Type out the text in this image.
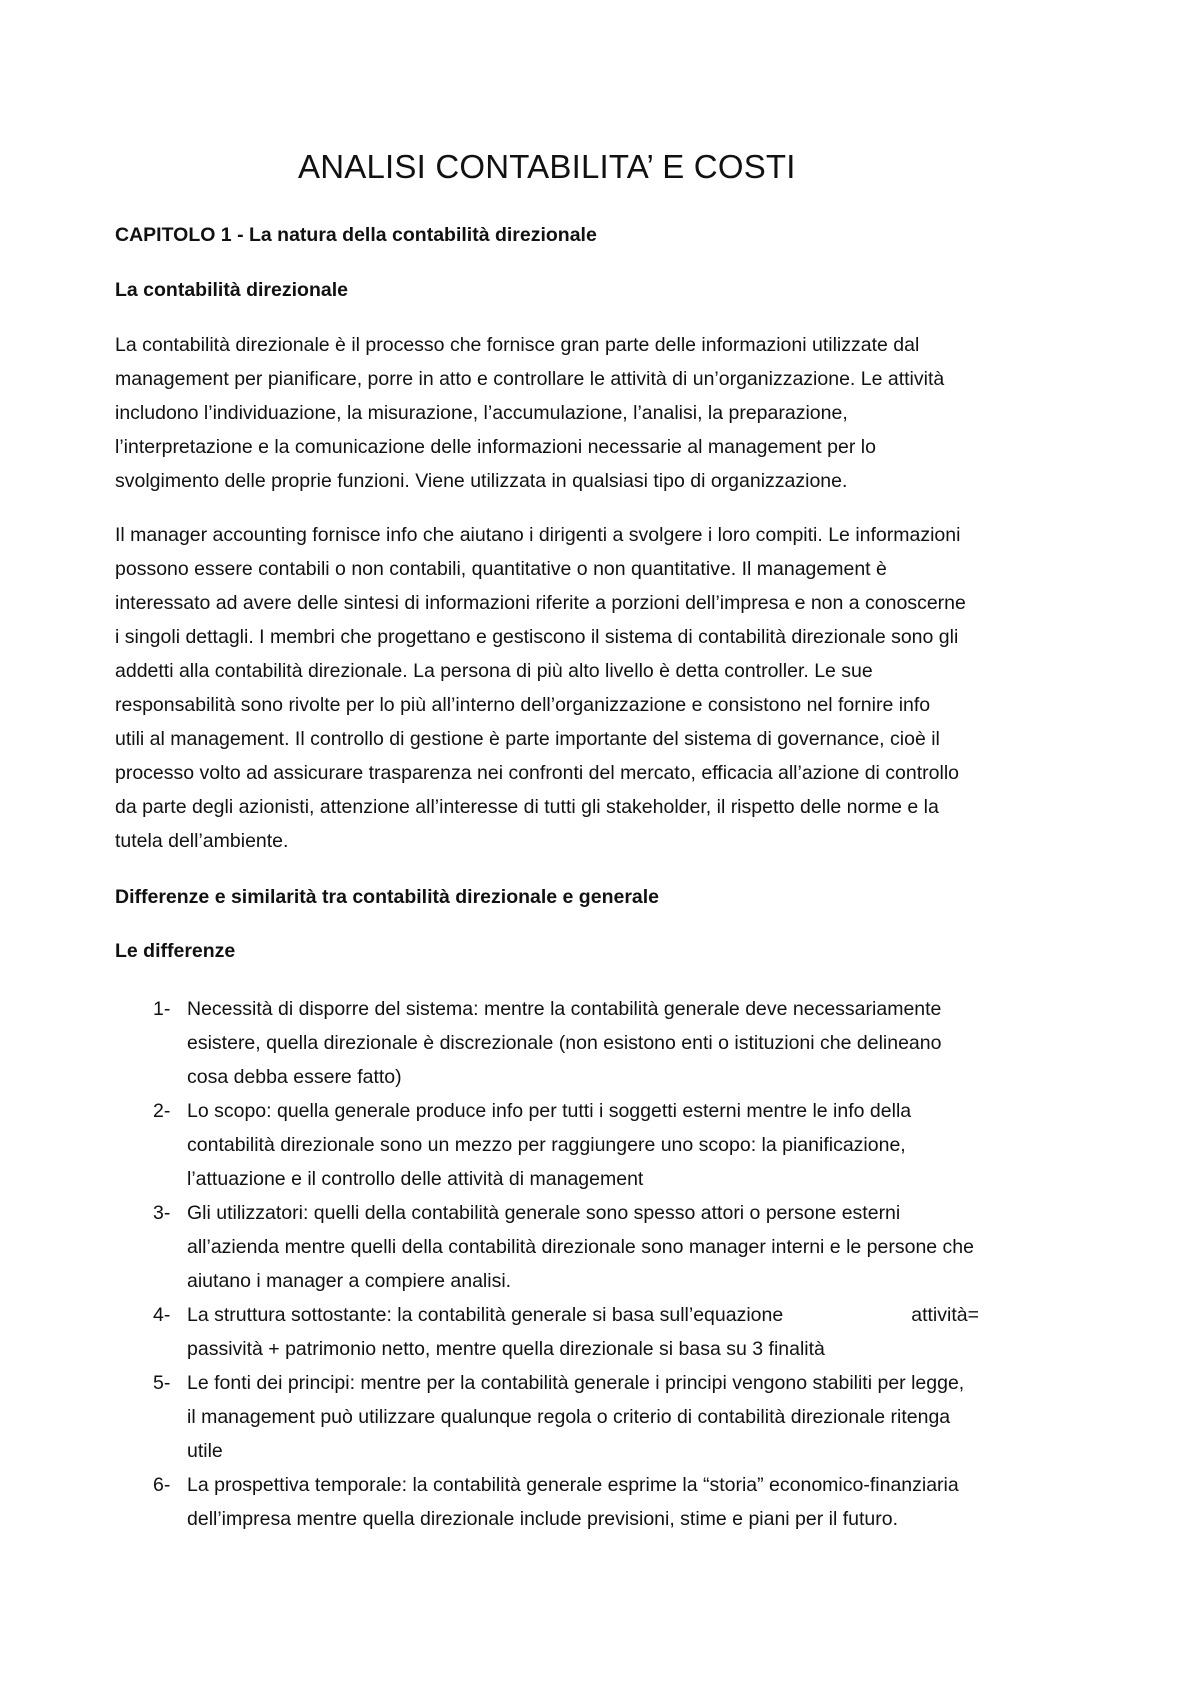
ANALISI CONTABILITA’ E COSTI
CAPITOLO 1 - La natura della contabilità direzionale
La contabilità direzionale

La contabilità direzionale è il processo che fornisce gran parte delle informazioni utilizzate dal
management per pianificare, porre in atto e controllare le attività di un’organizzazione. Le attività
includono l’individuazione, la misurazione, l’accumulazione, l’analisi, la preparazione,
l’interpretazione e la comunicazione delle informazioni necessarie al management per lo
svolgimento delle proprie funzioni. Viene utilizzata in qualsiasi tipo di organizzazione.

Il manager accounting fornisce info che aiutano i dirigenti a svolgere i loro compiti. Le informazioni
possono essere contabili o non contabili, quantitative o non quantitative. Il management è
interessato ad avere delle sintesi di informazioni riferite a porzioni dell’impresa e non a conoscerne
i singoli dettagli. I membri che progettano e gestiscono il sistema di contabilità direzionale sono gli
addetti alla contabilità direzionale. La persona di più alto livello è detta controller. Le sue
responsabilità sono rivolte per lo più all’interno dell’organizzazione e consistono nel fornire info
utili al management. Il controllo di gestione è parte importante del sistema di governance, cioè il
processo volto ad assicurare trasparenza nei confronti del mercato, efficacia all’azione di controllo
da parte degli azionisti, attenzione all’interesse di tutti gli stakeholder, il rispetto delle norme e la
tutela dell’ambiente.

Differenze e similarità tra contabilità direzionale e generale
Le differenze
1- Necessità di disporre del sistema: mentre la contabilità generale deve necessariamente
esistere, quella direzionale è discrezionale (non esistono enti o istituzioni che delineano
cosa debba essere fatto)
2- Lo scopo: quella generale produce info per tutti i soggetti esterni mentre le info della
contabilità direzionale sono un mezzo per raggiungere uno scopo: la pianificazione,
l’attuazione e il controllo delle attività di management
3- Gli utilizzatori: quelli della contabilità generale sono spesso attori o persone esterni
all’azienda mentre quelli della contabilità direzionale sono manager interni e le persone che
aiutano i manager a compiere analisi.
4- La struttura sottostante: la contabilità generale si basa sull’equazione	attività=
passività + patrimonio netto, mentre quella direzionale si basa su 3 finalità
5- Le fonti dei principi: mentre per la contabilità generale i principi vengono stabiliti per legge,
il management può utilizzare qualunque regola o criterio di contabilità direzionale ritenga
utile
6- La prospettiva temporale: la contabilità generale esprime la “storia” economico-finanziaria
dell’impresa mentre quella direzionale include previsioni, stime e piani per il futuro.
